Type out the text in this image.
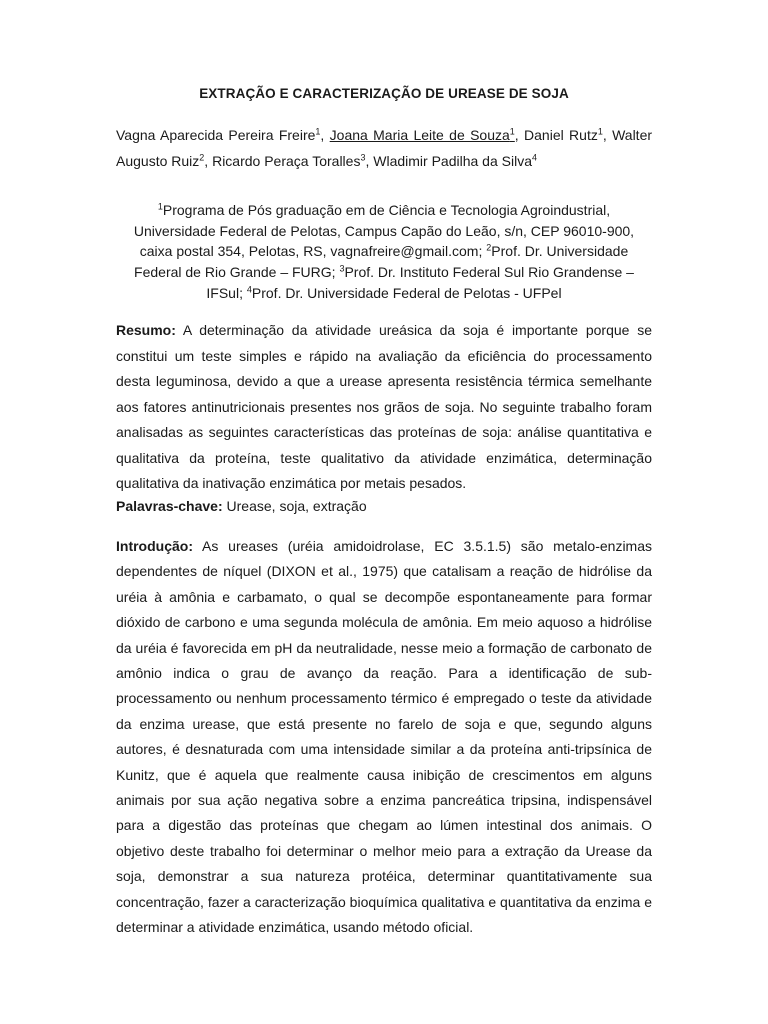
EXTRAÇÃO E CARACTERIZAÇÃO DE UREASE DE SOJA
Vagna Aparecida Pereira Freire$^1$, Joana Maria Leite de Souza$^1$, Daniel Rutz$^1$, Walter Augusto Ruiz$^2$, Ricardo Peraça Toralles$^3$, Wladimir Padilha da Silva$^4$
$^1$Programa de Pós graduação em de Ciência e Tecnologia Agroindustrial, Universidade Federal de Pelotas, Campus Capão do Leão, s/n, CEP 96010-900, caixa postal 354, Pelotas, RS, vagnafreire@gmail.com; $^2$Prof. Dr. Universidade Federal de Rio Grande – FURG; $^3$Prof. Dr. Instituto Federal Sul Rio Grandense – IFSul; $^4$Prof. Dr. Universidade Federal de Pelotas - UFPel
Resumo: A determinação da atividade ureásica da soja é importante porque se constitui um teste simples e rápido na avaliação da eficiência do processamento desta leguminosa, devido a que a urease apresenta resistência térmica semelhante aos fatores antinutricionais presentes nos grãos de soja. No seguinte trabalho foram analisadas as seguintes características das proteínas de soja: análise quantitativa e qualitativa da proteína, teste qualitativo da atividade enzimática, determinação qualitativa da inativação enzimática por metais pesados.
Palavras-chave: Urease, soja, extração
Introdução: As ureases (uréia amidoidrolase, EC 3.5.1.5) são metalo-enzimas dependentes de níquel (DIXON et al., 1975) que catalisam a reação de hidrólise da uréia à amônia e carbamato, o qual se decompõe espontaneamente para formar dióxido de carbono e uma segunda molécula de amônia. Em meio aquoso a hidrólise da uréia é favorecida em pH da neutralidade, nesse meio a formação de carbonato de amônio indica o grau de avanço da reação. Para a identificação de sub-processamento ou nenhum processamento térmico é empregado o teste da atividade da enzima urease, que está presente no farelo de soja e que, segundo alguns autores, é desnaturada com uma intensidade similar a da proteína anti-tripsínica de Kunitz, que é aquela que realmente causa inibição de crescimentos em alguns animais por sua ação negativa sobre a enzima pancreática tripsina, indispensável para a digestão das proteínas que chegam ao lúmen intestinal dos animais. O objetivo deste trabalho foi determinar o melhor meio para a extração da Urease da soja, demonstrar a sua natureza protéica, determinar quantitativamente sua concentração, fazer a caracterização bioquímica qualitativa e quantitativa da enzima e determinar a atividade enzimática, usando método oficial.
